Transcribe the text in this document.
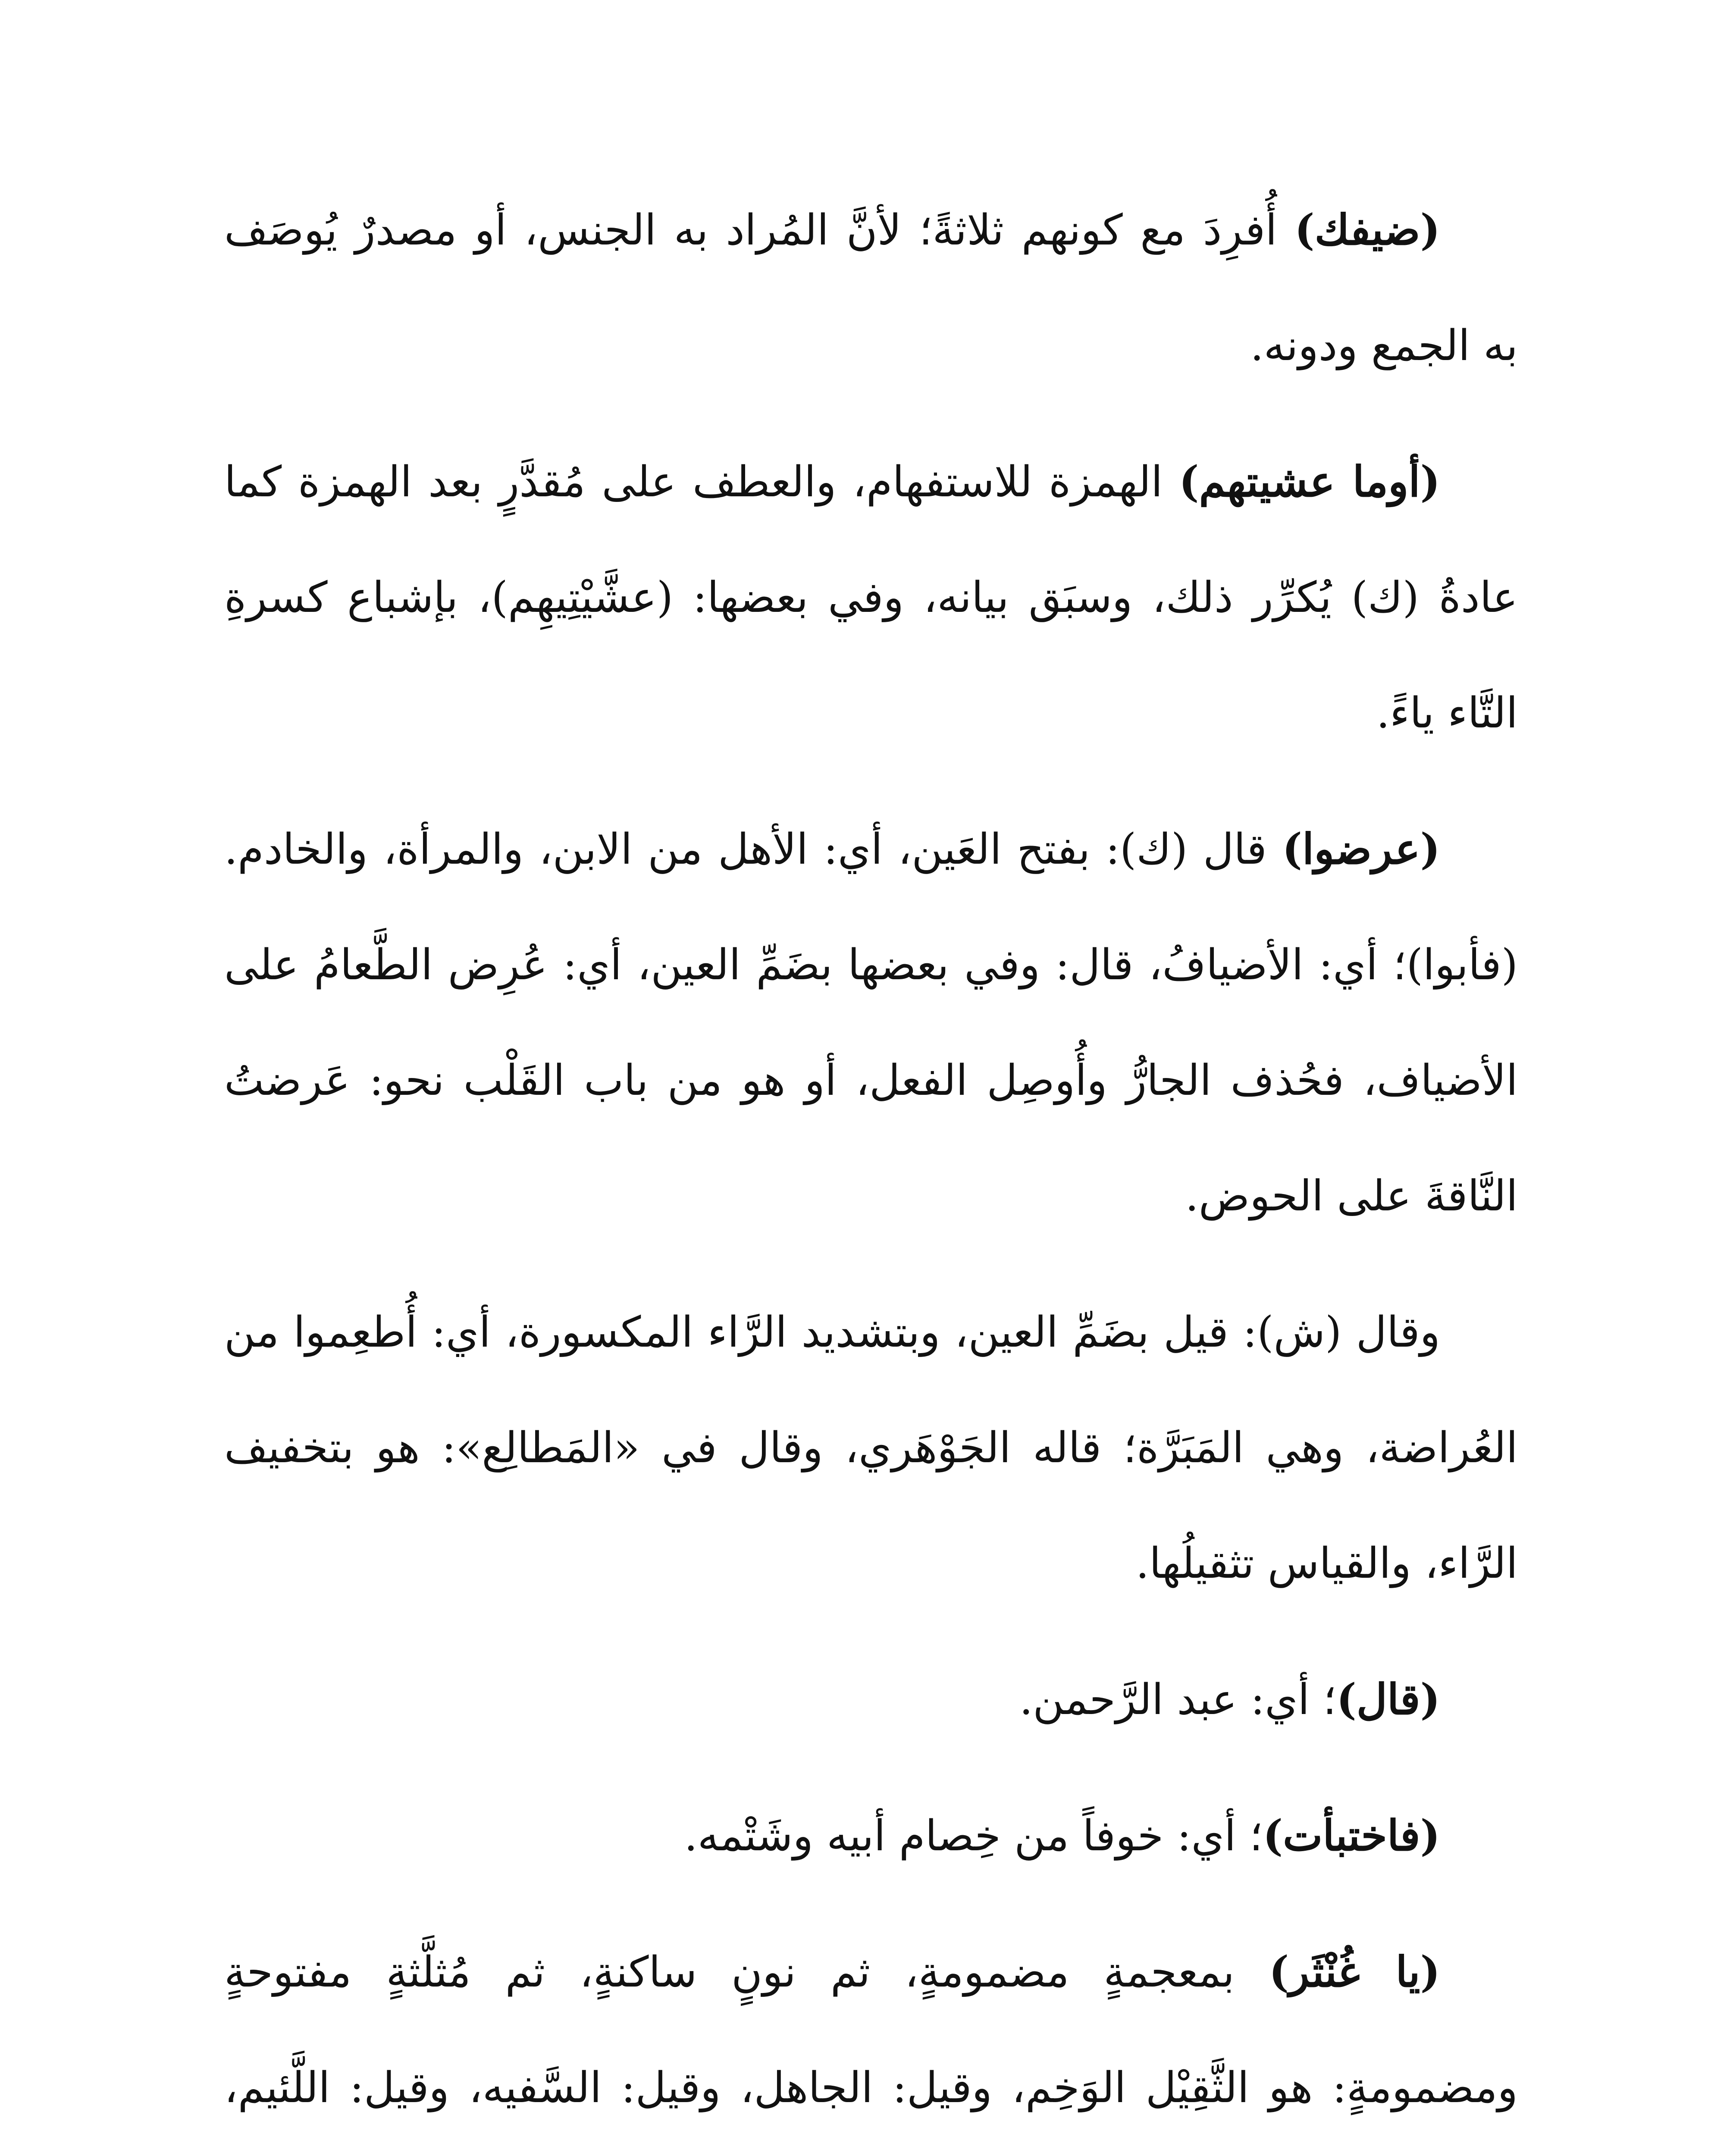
(ضيفك) أُفرِدَ مع كونهم ثلاثةً؛ لأنَّ المُراد به الجنس، أو مصدرٌ يُوصَف به الجمع ودونه.

(أوما عشيتهم) الهمزة للاستفهام، والعطف على مُقدَّرٍ بعد الهمزة كما عادةُ (ك) يُكرِّر ذلك، وسبَق بيانه، وفي بعضها: (عشَّيْتِيهِم)، بإشباع كسرةِ التَّاء ياءً.

(عرضوا) قال (ك): بفتح العَين، أي: الأهل من الابن، والمرأة، والخادم. (فأبوا)؛ أي: الأضيافُ، قال: وفي بعضها بضَمِّ العين، أي: عُرِض الطَّعامُ على الأضياف، فحُذف الجارُّ وأُوصِل الفعل، أو هو من باب القَلْب نحو: عَرضتُ النَّاقةَ على الحوض.

وقال (ش): قيل بضَمِّ العين، وبتشديد الرَّاء المكسورة، أي: أُطعِموا من العُراضة، وهي المَبَرَّة؛ قاله الجَوْهَري، وقال في «المَطالِع»: هو بتخفيف الرَّاء، والقياس تثقيلُها.

(قال)؛ أي: عبد الرَّحمن.

(فاختبأت)؛ أي: خوفاً من خِصام أبيه وشَتْمه.

(يا غُنْثَر) بمعجمةٍ مضمومةٍ، ثم نونٍ ساكنةٍ، ثم مُثلَّثةٍ مفتوحةٍ ومضمومةٍ: هو الثَّقِيْل الوَخِم، وقيل: الجاهل، وقيل: السَّفيه، وقيل: اللَّئيم،
